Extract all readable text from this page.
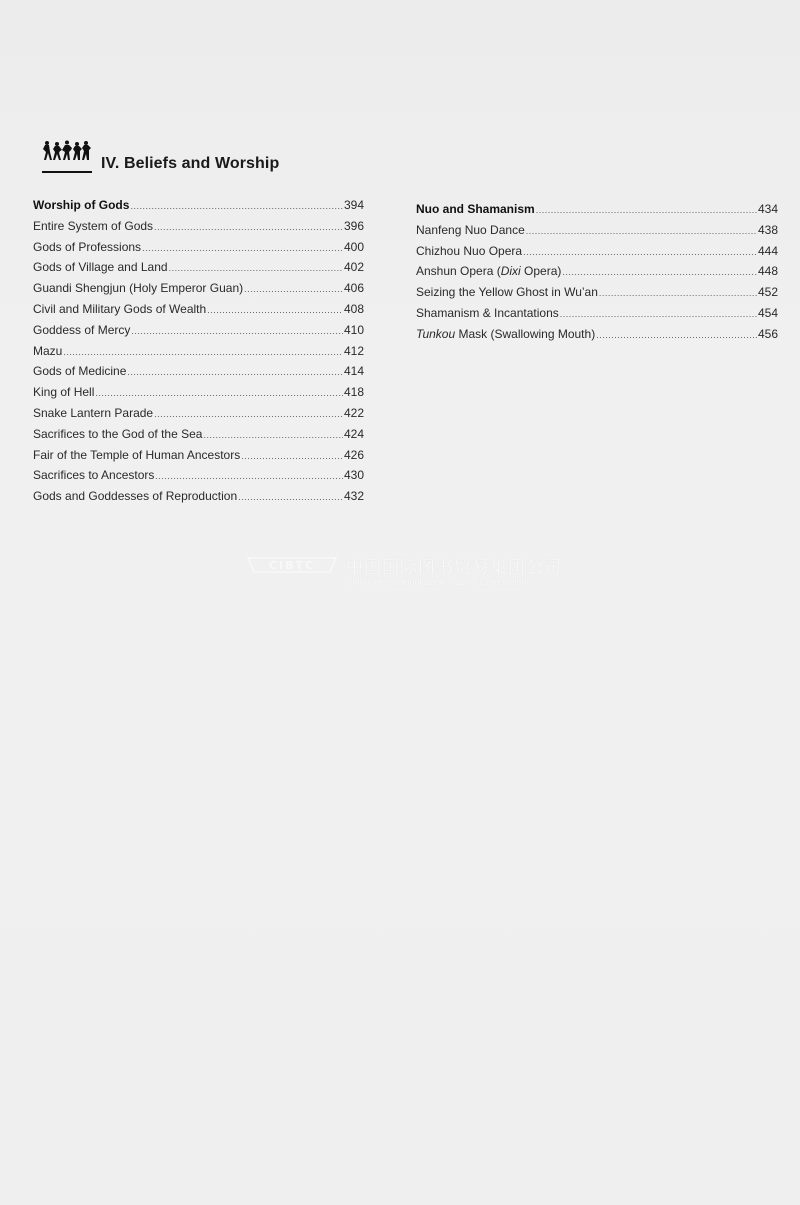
IV. Beliefs and Worship
Worship of Gods .....	394
Entire System of Gods .....	396
Gods of Professions .....	400
Gods of Village and Land .....	402
Guandi Shengjun (Holy Emperor Guan) .....	406
Civil and Military Gods of Wealth .....	408
Goddess of Mercy .....	410
Mazu .....	412
Gods of Medicine .....	414
King of Hell .....	418
Snake Lantern Parade .....	422
Sacrifices to the God of the Sea .....	424
Fair of the Temple of Human Ancestors .....	426
Sacrifices to Ancestors .....	430
Gods and Goddesses of Reproduction .....	432
Nuo and Shamanism .....	434
Nanfeng Nuo Dance .....	438
Chizhou Nuo Opera .....	444
Anshun Opera (Dixi Opera) .....	448
Seizing the Yellow Ghost in Wu’an .....	452
Shamanism & Incantations .....	454
Tunkou Mask (Swallowing Mouth) .....	456
CIBTC 中国国际图书贸易集团公司
China International Book Trading Corporation
